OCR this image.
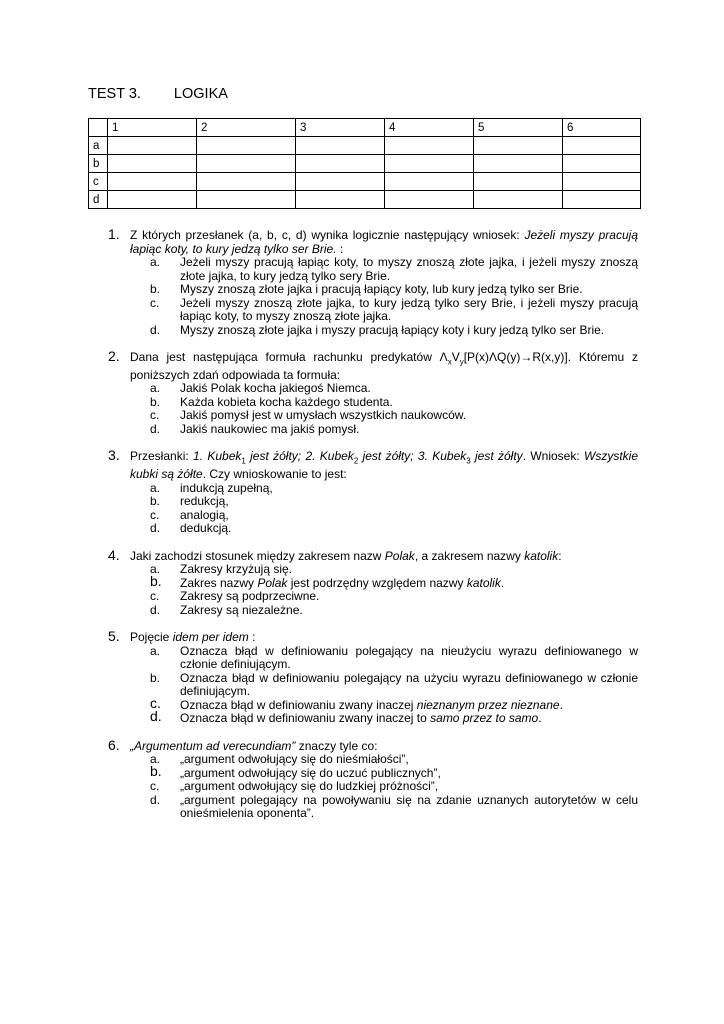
TEST 3. LOGIKA
	1	2	3	4	5	6
a						
b						
c						
d						
1. Z których przesłanek (a, b, c, d) wynika logicznie następujący wniosek: Jeżeli myszy pracują łapiąc koty, to kury jedzą tylko ser Brie. :
a. Jeżeli myszy pracują łapiąc koty, to myszy znoszą złote jajka, i jeżeli myszy znoszą złote jajka, to kury jedzą tylko sery Brie.
b. Myszy znoszą złote jajka i pracują łapiący koty, lub kury jedzą tylko ser Brie.
c. Jeżeli myszy znoszą złote jajka, to kury jedzą tylko sery Brie, i jeżeli myszy pracują łapiąc koty, to myszy znoszą złote jajka.
d. Myszy znoszą złote jajka i myszy pracują łapiący koty i kury jedzą tylko ser Brie.
2. Dana jest następująca formuła rachunku predykatów $\Lambda_xV_y[P(x)\Lambda Q(y)\to R(x,y)]$. Któremu z poniższych zdań odpowiada ta formuła:
a. Jakiś Polak kocha jakiegoś Niemca.
b. Każda kobieta kocha każdego studenta.
c. Jakiś pomysł jest w umysłach wszystkich naukowców.
d. Jakiś naukowiec ma jakiś pomysł.
3. Przesłanki: 1. Kubek$_1$ jest żółty; 2. Kubek$_2$ jest żółty; 3. Kubek$_3$ jest żółty. Wniosek: Wszystkie kubki są żółte. Czy wnioskowanie to jest:
a. indukcją zupełną,
b. redukcją,
c. analogią,
d. dedukcją.
4. Jaki zachodzi stosunek między zakresem nazw Polak, a zakresem nazwy katolik:
a. Zakresy krzyżują się.
b. Zakres nazwy Polak jest podrzędny względem nazwy katolik.
c. Zakresy są podprzeciwne.
d. Zakresy są niezależne.
5. Pojęcie idem per idem :
a. Oznacza błąd w definiowaniu polegający na nieużyciu wyrazu definiowanego w członie definiującym.
b. Oznacza błąd w definiowaniu polegający na użyciu wyrazu definiowanego w członie definiującym.
c. Oznacza błąd w definiowaniu zwany inaczej nieznanym przez nieznane.
d. Oznacza błąd w definiowaniu zwany inaczej to samo przez to samo.
6. „Argumentum ad verecundiam” znaczy tyle co:
a. „argument odwołujący się do nieśmiałości”,
b. „argument odwołujący się do uczuć publicznych”,
c. „argument odwołujący się do ludzkiej próżności”,
d. „argument polegający na powoływaniu się na zdanie uznanych autorytetów w celu onieśmielenia oponenta”.
